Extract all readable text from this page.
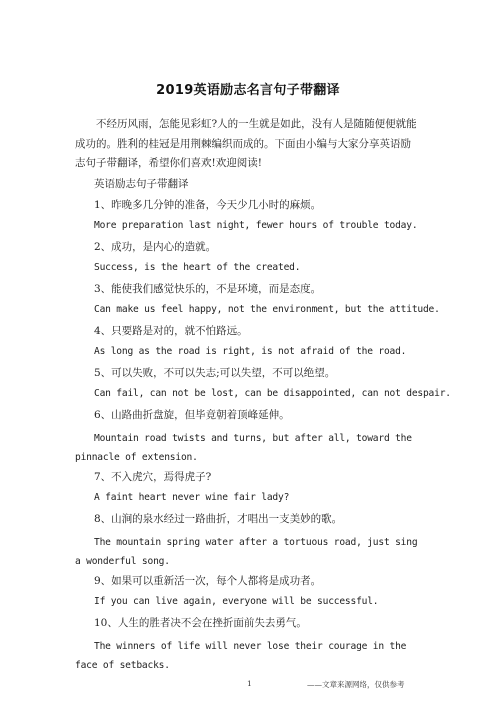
2019英语励志名言句子带翻译

不经历风雨，怎能见彩虹?人的一生就是如此，没有人是随随便便就能成功的。胜利的桂冠是用荆棘编织而成的。下面由小编与大家分享英语励志句子带翻译，希望你们喜欢!欢迎阅读!

英语励志句子带翻译

1、昨晚多几分钟的准备，今天少几小时的麻烦。

More preparation last night, fewer hours of trouble today.

2、成功，是内心的造就。

Success, is the heart of the created.

3、能使我们感觉快乐的，不是环境，而是态度。

Can make us feel happy, not the environment, but the attitude.

4、只要路是对的，就不怕路远。

As long as the road is right, is not afraid of the road.

5、可以失败，不可以失志;可以失望，不可以绝望。

Can fail, can not be lost, can be disappointed, can not despair.

6、山路曲折盘旋，但毕竟朝着顶峰延伸。

Mountain road twists and turns, but after all, toward the pinnacle of extension.

7、不入虎穴，焉得虎子?

A faint heart never wine fair lady?

8、山涧的泉水经过一路曲折，才唱出一支美妙的歌。

The mountain spring water after a tortuous road, just sing a wonderful song.

9、如果可以重新活一次，每个人都将是成功者。

If you can live again, everyone will be successful.

10、人生的胜者决不会在挫折面前失去勇气。

The winners of life will never lose their courage in the face of setbacks.

1	——文章来源网络，仅供参考
